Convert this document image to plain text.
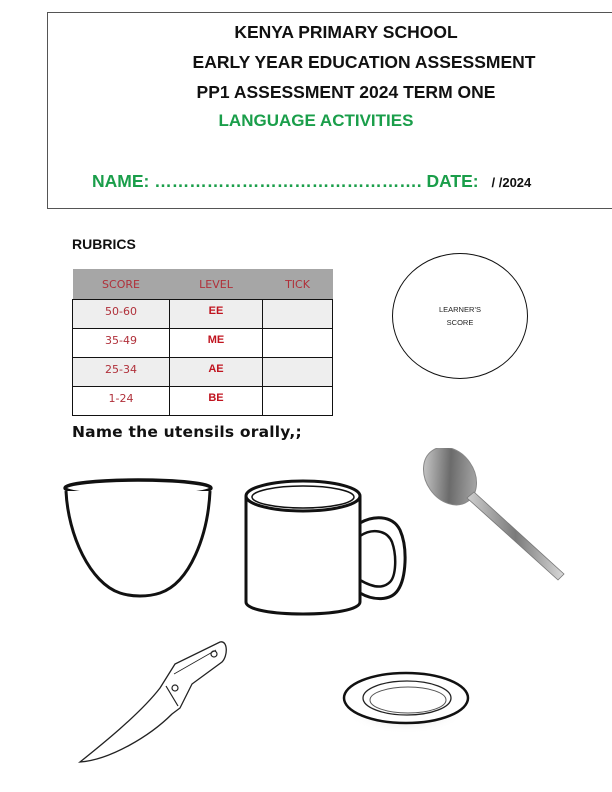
KENYA PRIMARY SCHOOL
EARLY YEAR EDUCATION ASSESSMENT
PP1 ASSESSMENT 2024 TERM ONE
LANGUAGE ACTIVITIES
NAME: ………………………………………. DATE: / /2024
RUBRICS
SCORE	LEVEL	TICK
50-60	EE	
35-49	ME	
25-34	AE	
1-24	BE	
LEARNER’S
SCORE
Name the utensils orally,;
